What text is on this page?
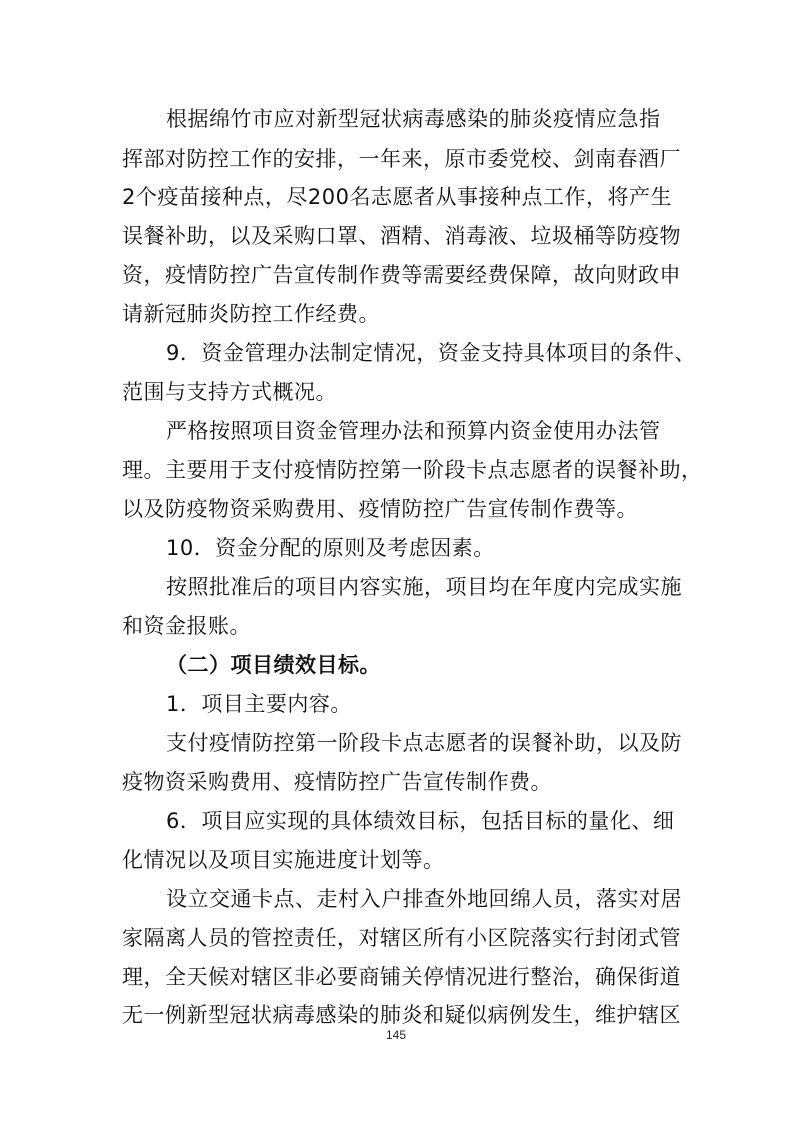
根据绵竹市应对新型冠状病毒感染的肺炎疫情应急指
挥部对防控工作的安排，一年来，原市委党校、剑南春酒厂
2个疫苗接种点，尽200名志愿者从事接种点工作，将产生
误餐补助，以及采购口罩、酒精、消毒液、垃圾桶等防疫物
资，疫情防控广告宣传制作费等需要经费保障，故向财政申
请新冠肺炎防控工作经费。
9．资金管理办法制定情况，资金支持具体项目的条件、
范围与支持方式概况。
严格按照项目资金管理办法和预算内资金使用办法管
理。主要用于支付疫情防控第一阶段卡点志愿者的误餐补助，
以及防疫物资采购费用、疫情防控广告宣传制作费等。
10．资金分配的原则及考虑因素。
按照批准后的项目内容实施，项目均在年度内完成实施
和资金报账。
（二）项目绩效目标。
1．项目主要内容。
支付疫情防控第一阶段卡点志愿者的误餐补助，以及防
疫物资采购费用、疫情防控广告宣传制作费。
6．项目应实现的具体绩效目标，包括目标的量化、细
化情况以及项目实施进度计划等。
设立交通卡点、走村入户排查外地回绵人员，落实对居
家隔离人员的管控责任，对辖区所有小区院落实行封闭式管
理，全天候对辖区非必要商铺关停情况进行整治，确保街道
无一例新型冠状病毒感染的肺炎和疑似病例发生，维护辖区
145
